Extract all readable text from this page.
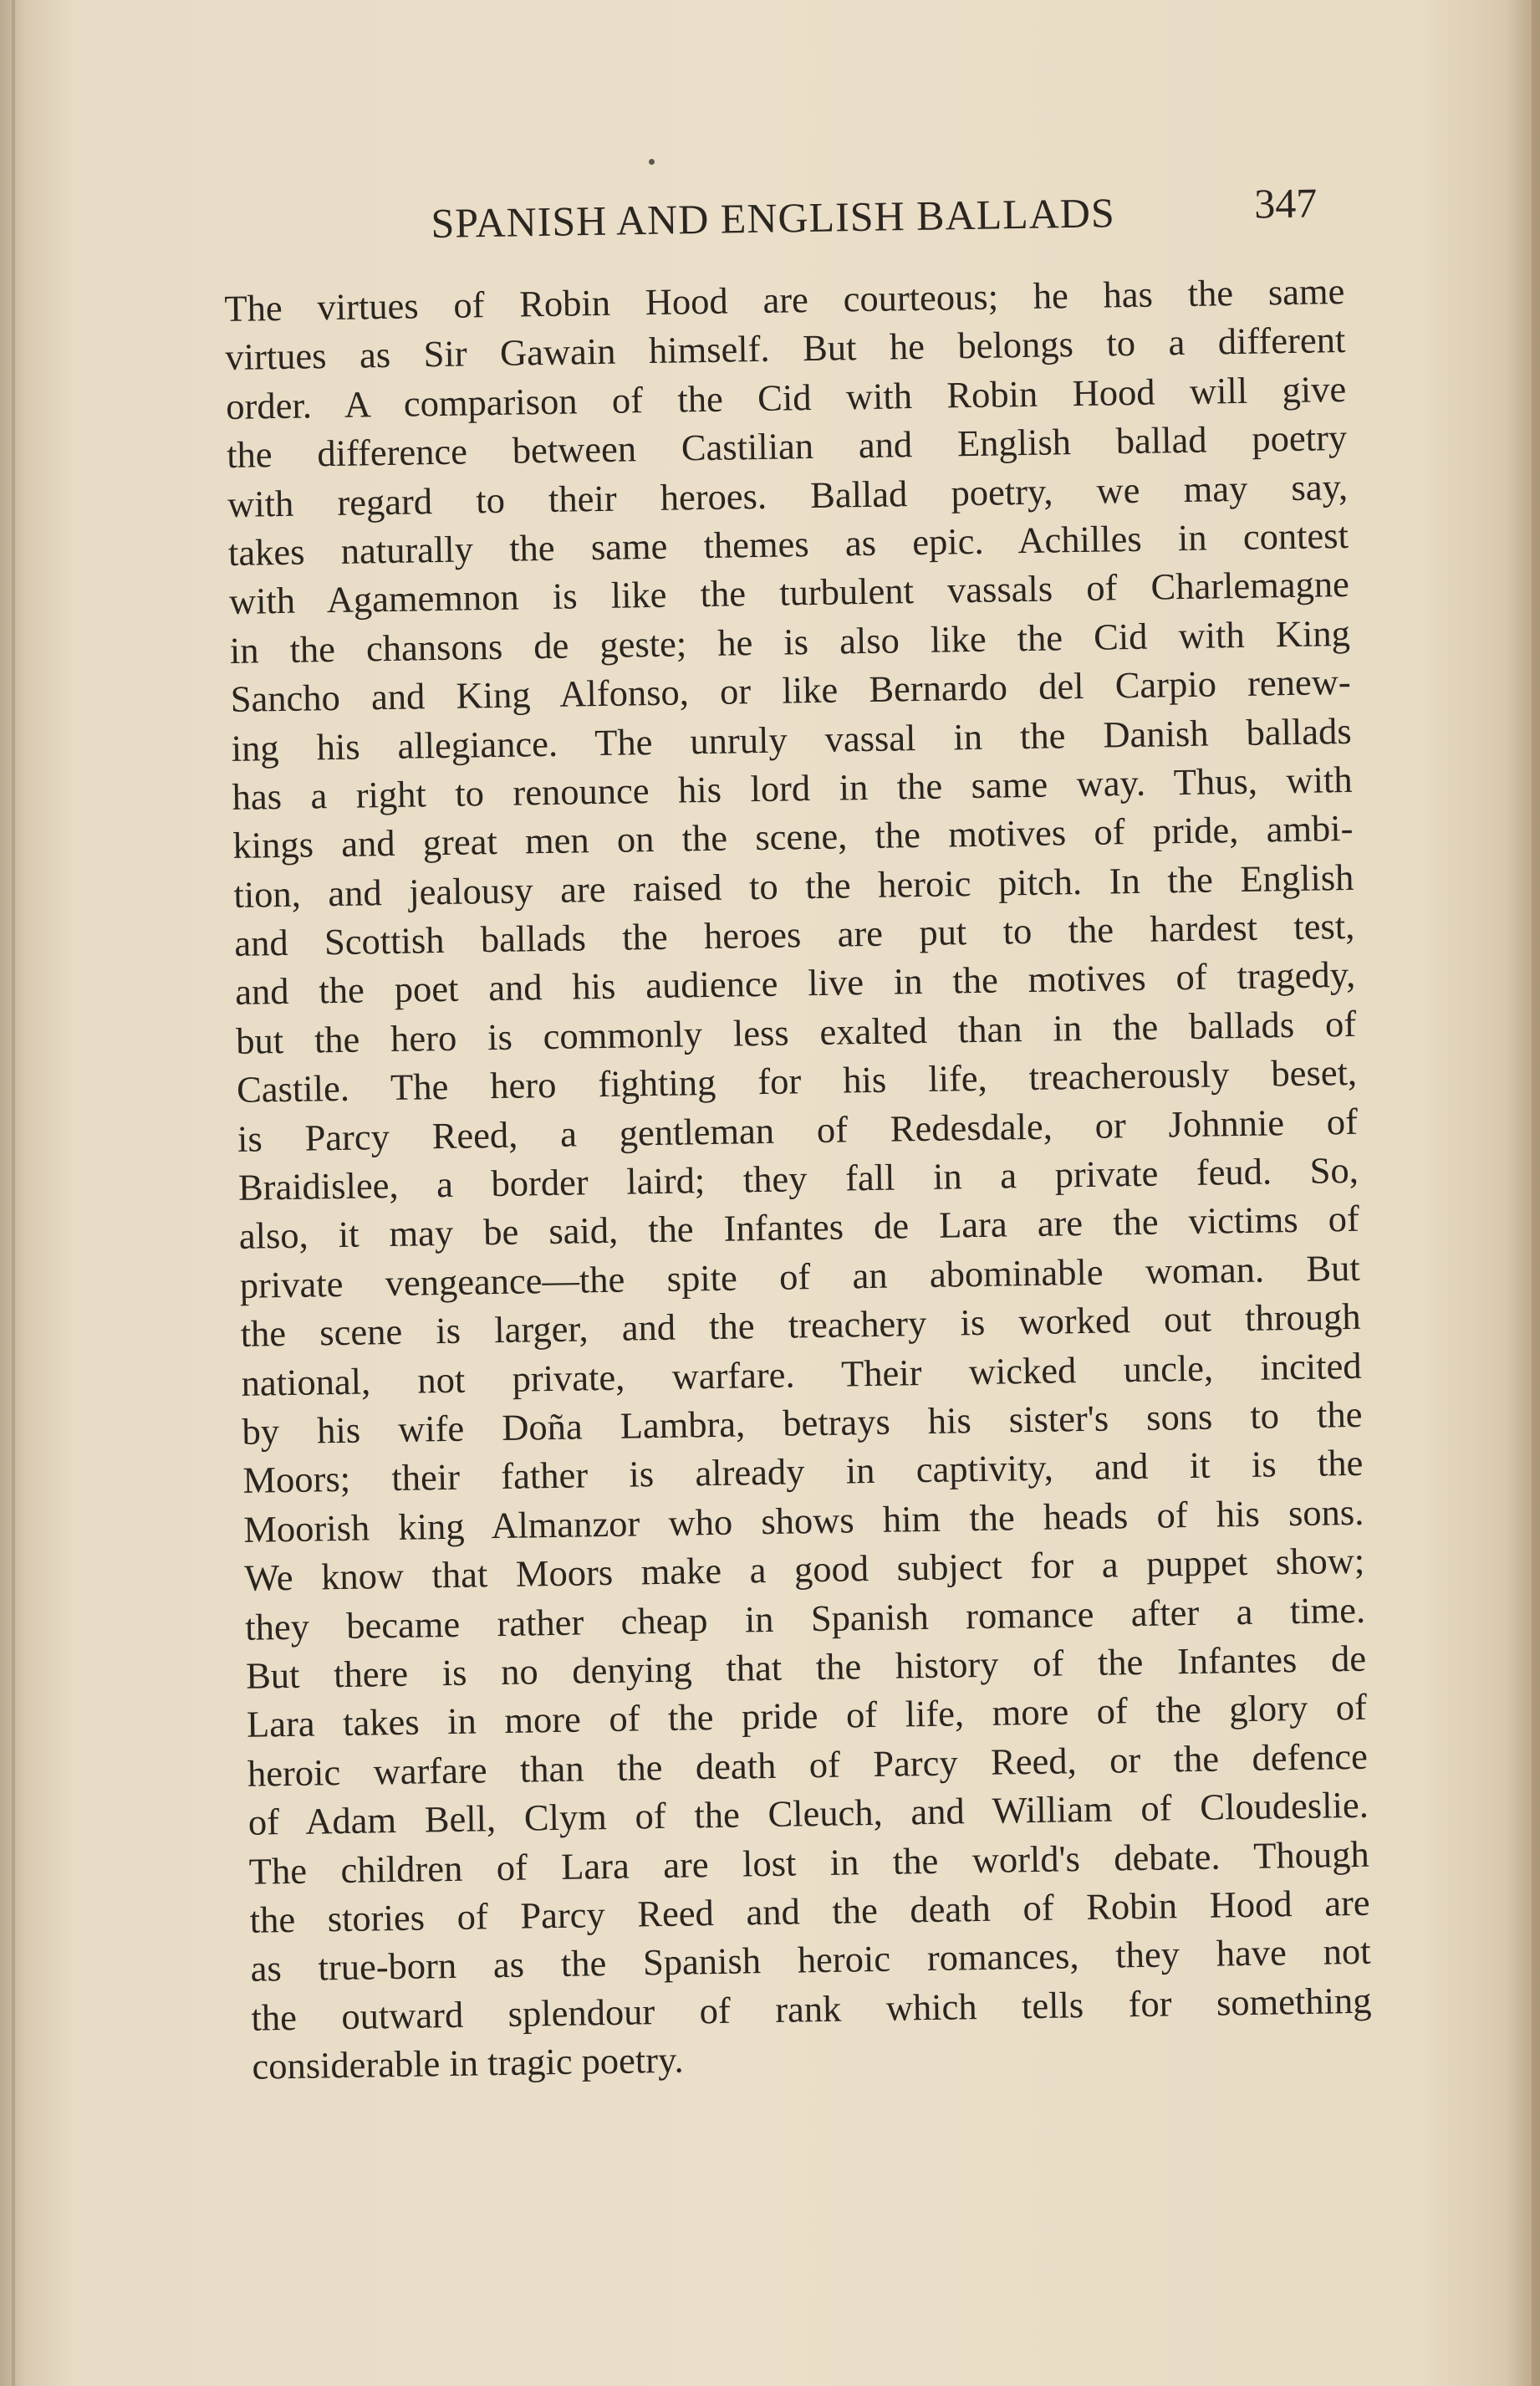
SPANISH AND ENGLISH BALLADS	347
The virtues of Robin Hood are courteous; he has the same
virtues as Sir Gawain himself. But he belongs to a different
order. A comparison of the Cid with Robin Hood will give
the difference between Castilian and English ballad poetry
with regard to their heroes. Ballad poetry, we may say,
takes naturally the same themes as epic. Achilles in contest
with Agamemnon is like the turbulent vassals of Charlemagne
in the chansons de geste; he is also like the Cid with King
Sancho and King Alfonso, or like Bernardo del Carpio renew-
ing his allegiance. The unruly vassal in the Danish ballads
has a right to renounce his lord in the same way. Thus, with
kings and great men on the scene, the motives of pride, ambi-
tion, and jealousy are raised to the heroic pitch. In the English
and Scottish ballads the heroes are put to the hardest test,
and the poet and his audience live in the motives of tragedy,
but the hero is commonly less exalted than in the ballads of
Castile. The hero fighting for his life, treacherously beset,
is Parcy Reed, a gentleman of Redesdale, or Johnnie of
Braidislee, a border laird; they fall in a private feud. So,
also, it may be said, the Infantes de Lara are the victims of
private vengeance—the spite of an abominable woman. But
the scene is larger, and the treachery is worked out through
national, not private, warfare. Their wicked uncle, incited
by his wife Doña Lambra, betrays his sister's sons to the
Moors; their father is already in captivity, and it is the
Moorish king Almanzor who shows him the heads of his sons.
We know that Moors make a good subject for a puppet show;
they became rather cheap in Spanish romance after a time.
But there is no denying that the history of the Infantes de
Lara takes in more of the pride of life, more of the glory of
heroic warfare than the death of Parcy Reed, or the defence
of Adam Bell, Clym of the Cleuch, and William of Cloudeslie.
The children of Lara are lost in the world's debate. Though
the stories of Parcy Reed and the death of Robin Hood are
as true-born as the Spanish heroic romances, they have not
the outward splendour of rank which tells for something
considerable in tragic poetry.
